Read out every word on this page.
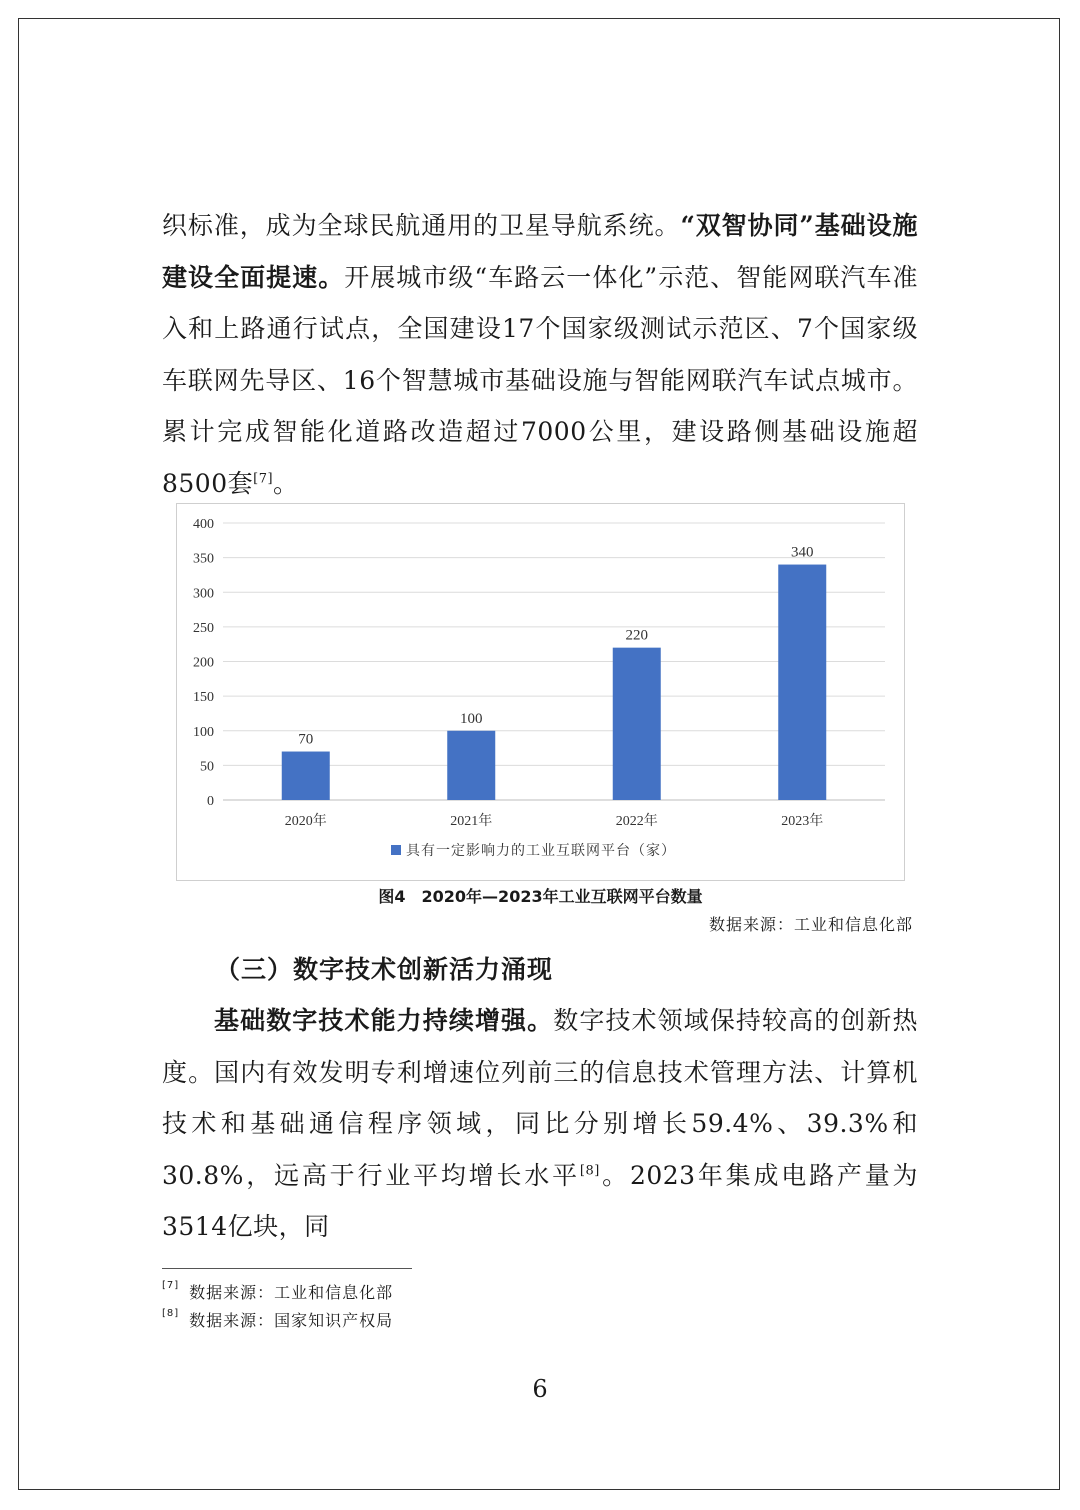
织标准，成为全球民航通用的卫星导航系统。“双智协同”基础设施建设全面提速。开展城市级“车路云一体化”示范、智能网联汽车准入和上路通行试点，全国建设17个国家级测试示范区、7个国家级车联网先导区、16个智慧城市基础设施与智能网联汽车试点城市。累计完成智能化道路改造超过7000公里，建设路侧基础设施超8500套[7]。

0
50
100
150
200
250
300
350
400
70
2020年
100
2021年
220
2022年
340
2023年
具有一定影响力的工业互联网平台（家）
图4　2020年—2023年工业互联网平台数量
数据来源：工业和信息化部
（三）数字技术创新活力涌现

基础数字技术能力持续增强。数字技术领域保持较高的创新热度。国内有效发明专利增速位列前三的信息技术管理方法、计算机技术和基础通信程序领域，同比分别增长59.4%、39.3%和30.8%，远高于行业平均增长水平[8]。2023年集成电路产量为3514亿块，同

[7] 数据来源：工业和信息化部
[8] 数据来源：国家知识产权局
6
